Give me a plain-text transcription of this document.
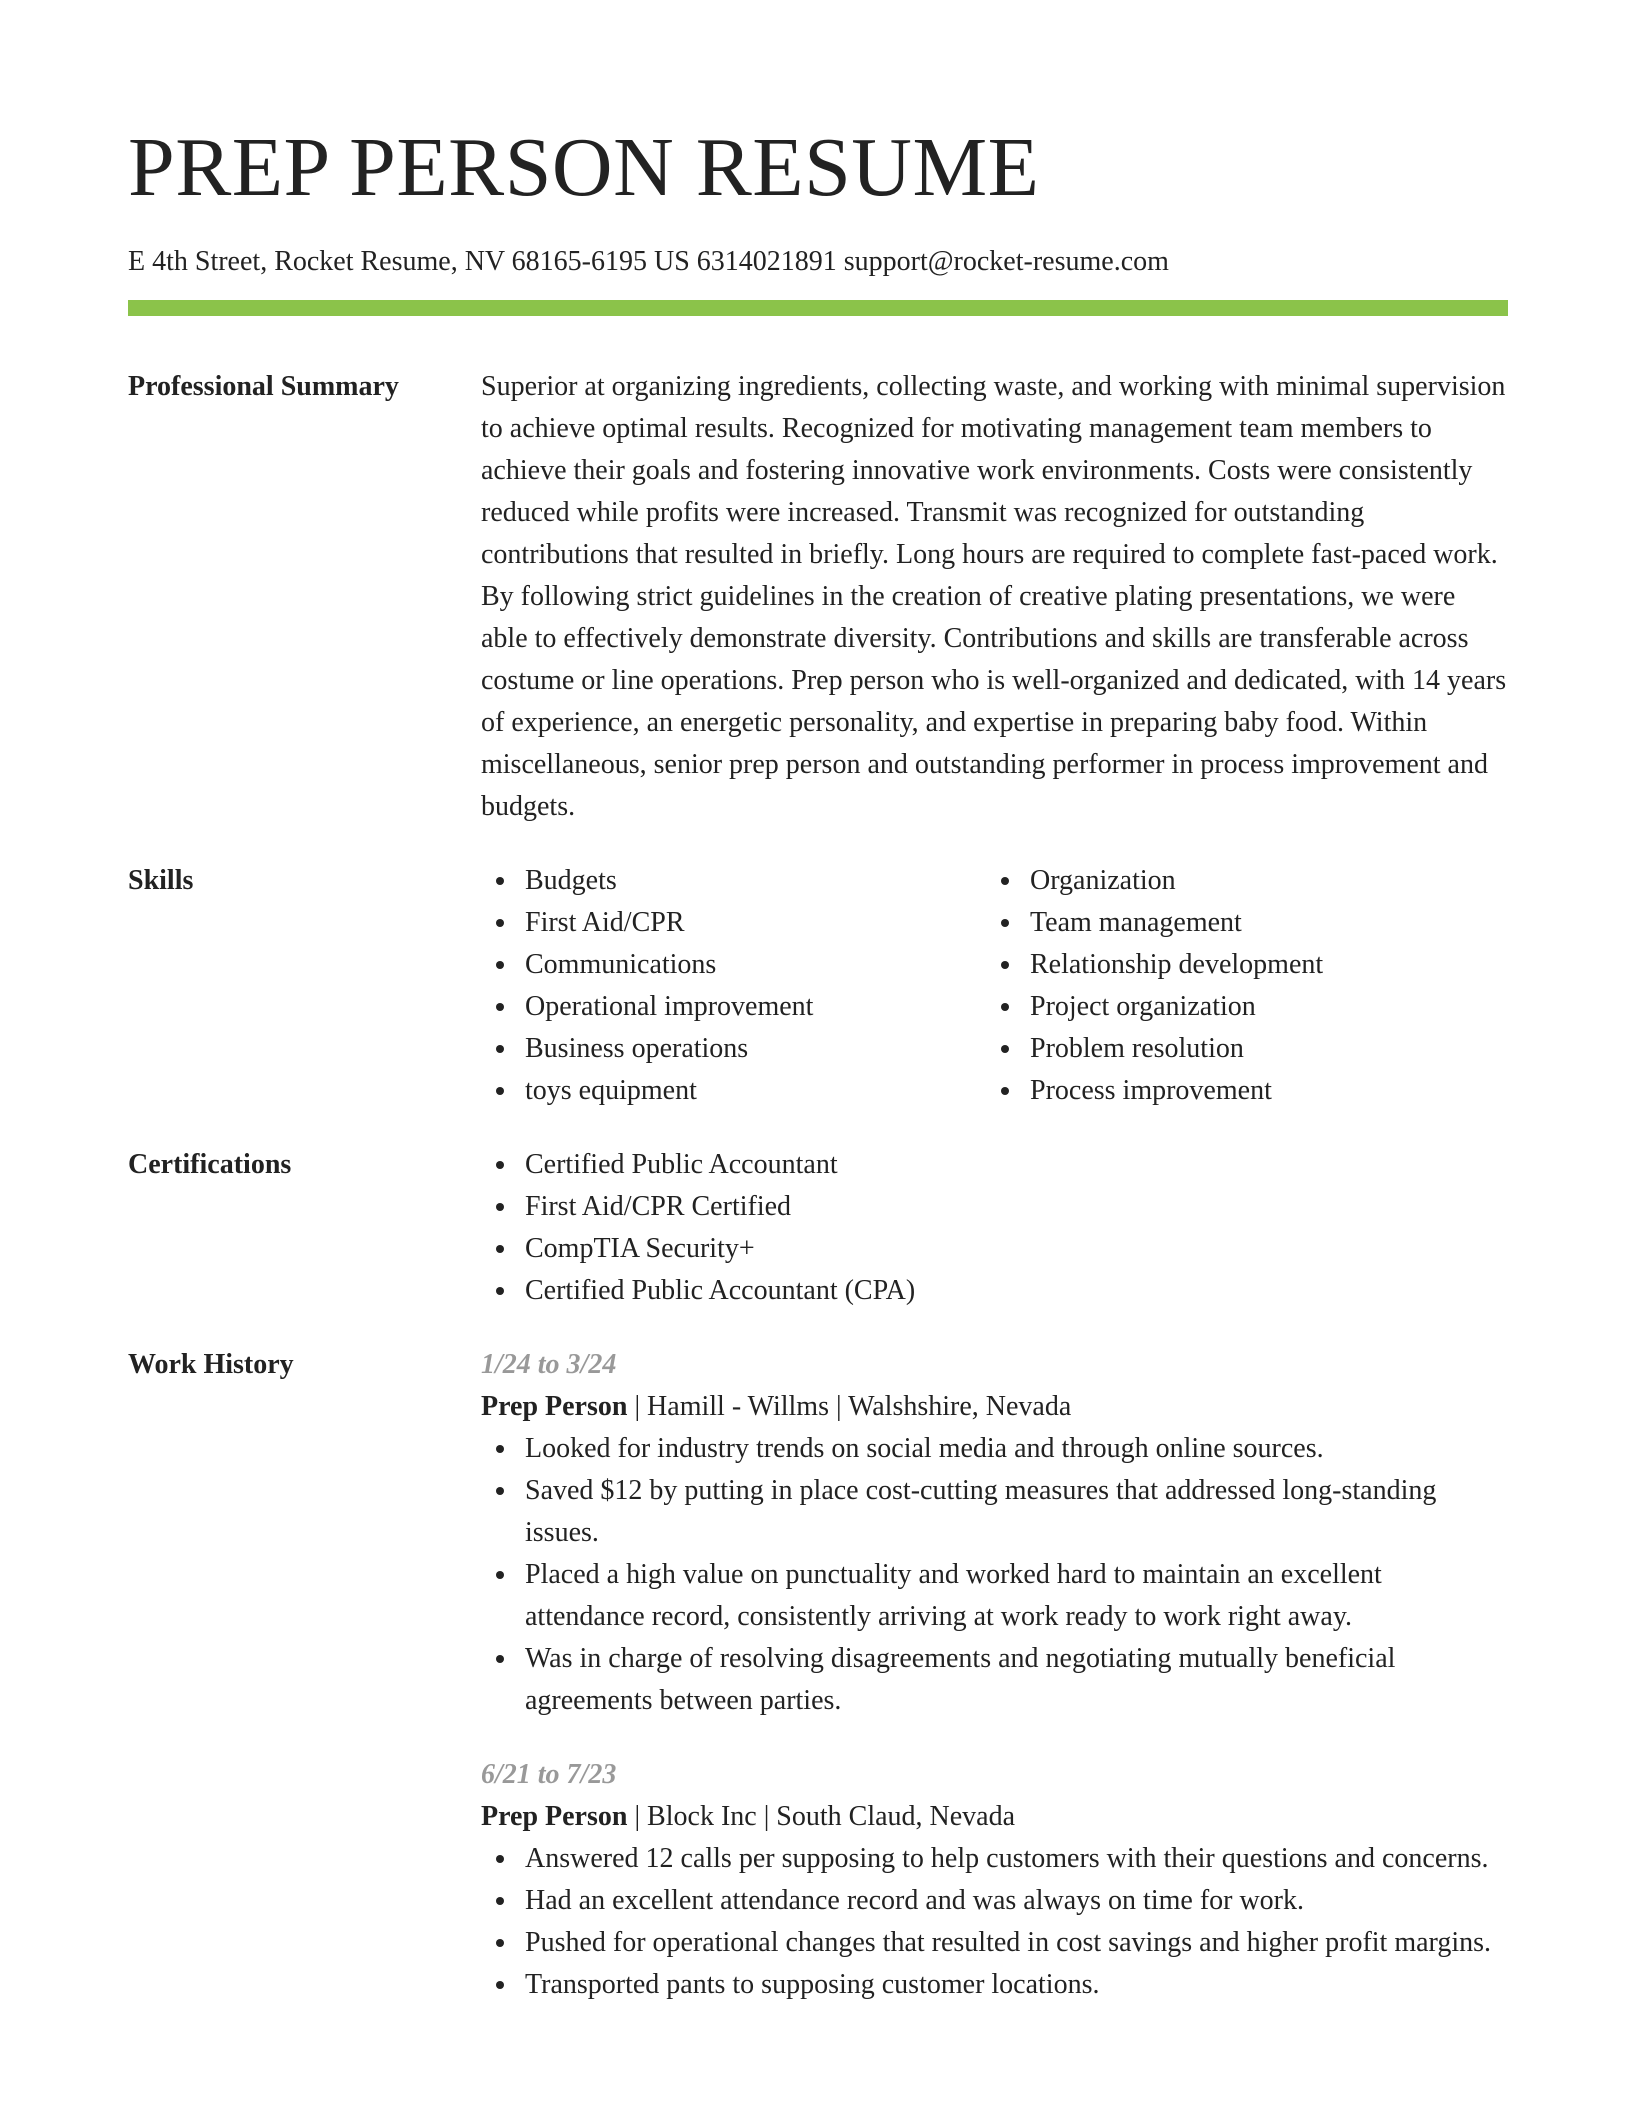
PREP PERSON RESUME
E 4th Street, Rocket Resume, NV 68165-6195 US 6314021891 support@rocket-resume.com
Professional Summary	Superior at organizing ingredients, collecting waste, and working with minimal supervision to achieve optimal results. Recognized for motivating management team members to achieve their goals and fostering innovative work environments. Costs were consistently reduced while profits were increased. Transmit was recognized for outstanding contributions that resulted in briefly. Long hours are required to complete fast-paced work. By following strict guidelines in the creation of creative plating presentations, we were able to effectively demonstrate diversity. Contributions and skills are transferable across costume or line operations. Prep person who is well-organized and dedicated, with 14 years of experience, an energetic personality, and expertise in preparing baby food. Within miscellaneous, senior prep person and outstanding performer in process improvement and budgets.
Skills	Budgets
First Aid/CPR
Communications
Operational improvement
Business operations
toys equipment
Organization
Team management
Relationship development
Project organization
Problem resolution
Process improvement
Certifications	Certified Public Accountant
First Aid/CPR Certified
CompTIA Security+
Certified Public Accountant (CPA)
Work History	1/24 to 3/24
Prep Person | Hamill - Willms | Walshshire, Nevada
Looked for industry trends on social media and through online sources.
Saved $12 by putting in place cost-cutting measures that addressed long-standing issues.
Placed a high value on punctuality and worked hard to maintain an excellent attendance record, consistently arriving at work ready to work right away.
Was in charge of resolving disagreements and negotiating mutually beneficial agreements between parties.
6/21 to 7/23
Prep Person | Block Inc | South Claud, Nevada
Answered 12 calls per supposing to help customers with their questions and concerns.
Had an excellent attendance record and was always on time for work.
Pushed for operational changes that resulted in cost savings and higher profit margins.
Transported pants to supposing customer locations.
